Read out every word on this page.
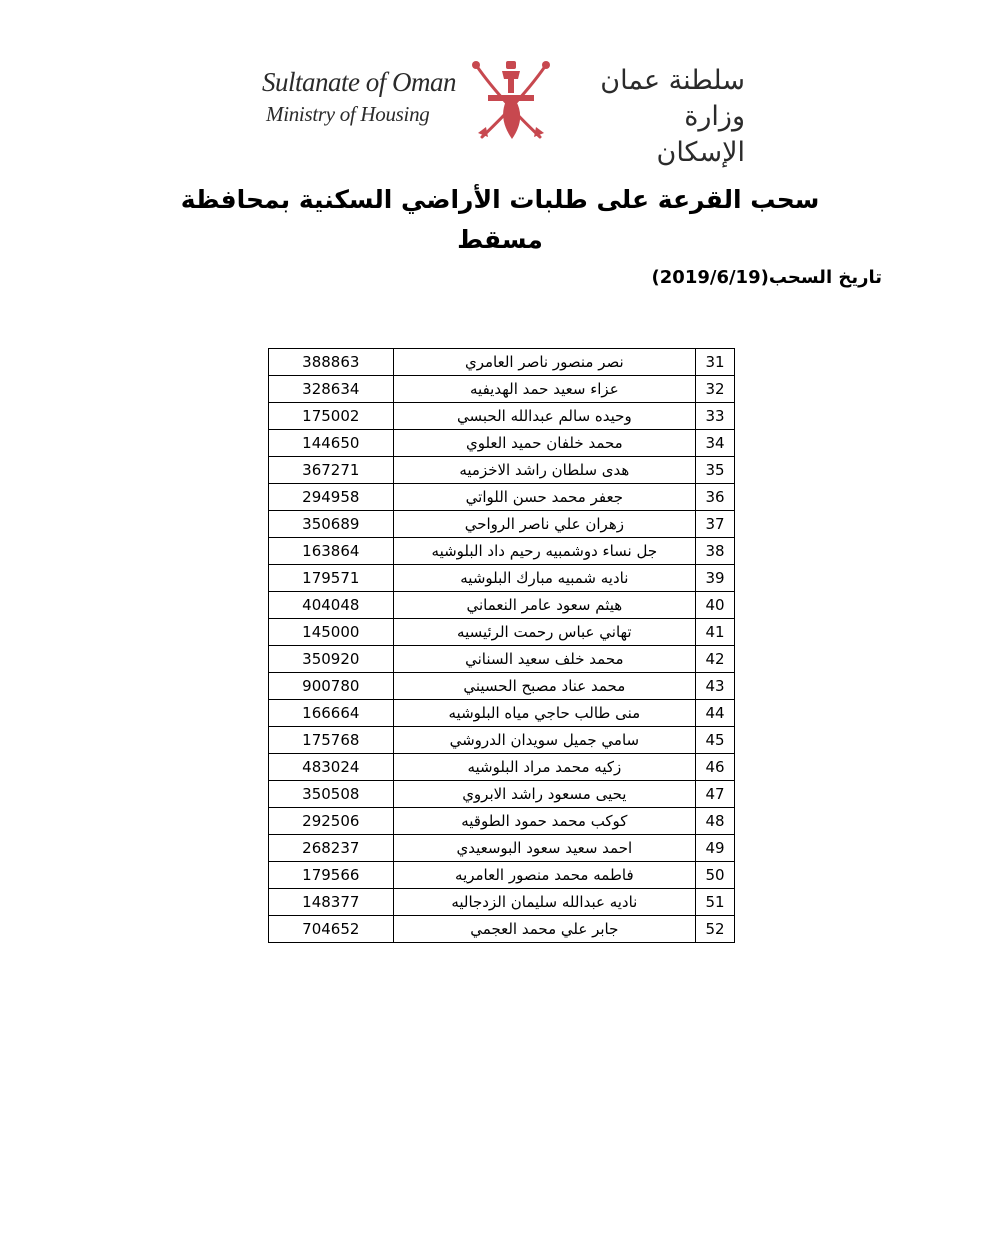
Sultanate of Oman
Ministry of Housing
سلطنة عمان
وزارة الإسكان
سحب القرعة على طلبات الأراضي السكنية بمحافظة مسقط
تاريخ السحب(2019/6/19)
388863	نصر منصور ناصر العامري	31
328634	عزاء سعيد حمد الهديفيه	32
175002	وحيده سالم عبدالله الحبسي	33
144650	محمد خلفان حميد العلوي	34
367271	هدى سلطان راشد الاخزميه	35
294958	جعفر محمد حسن اللواتي	36
350689	زهران علي ناصر الرواحي	37
163864	جل نساء دوشمبيه رحيم داد البلوشيه	38
179571	ناديه شمبيه مبارك البلوشيه	39
404048	هيثم سعود عامر النعماني	40
145000	تهاني عباس رحمت الرئيسيه	41
350920	محمد خلف سعيد السناني	42
900780	محمد عناد مصبح الحسيني	43
166664	منى طالب حاجي مياه البلوشيه	44
175768	سامي جميل سويدان الدروشي	45
483024	زكيه محمد مراد البلوشيه	46
350508	يحيى مسعود راشد الابروي	47
292506	كوكب محمد حمود الطوقيه	48
268237	احمد سعيد سعود البوسعيدي	49
179566	فاطمه محمد منصور العامريه	50
148377	ناديه عبدالله سليمان الزدجاليه	51
704652	جابر علي محمد العجمي	52
